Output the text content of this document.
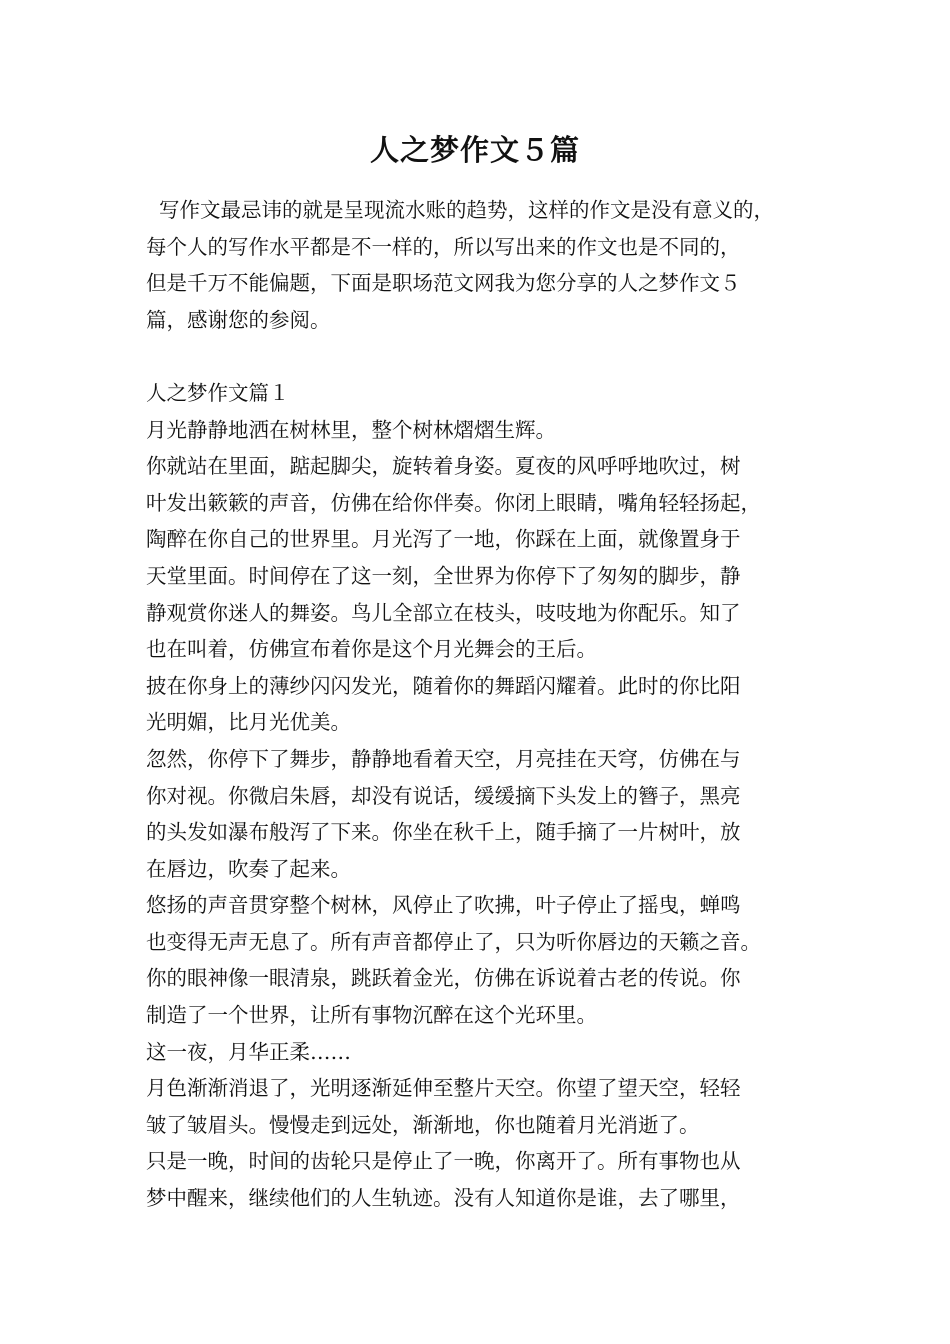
人之梦作文５篇
写作文最忌讳的就是呈现流水账的趋势，这样的作文是没有意义的，
每个人的写作水平都是不一样的，所以写出来的作文也是不同的，
但是千万不能偏题，下面是职场范文网我为您分享的人之梦作文５
篇，感谢您的参阅。
人之梦作文篇１
月光静静地洒在树林里，整个树林熠熠生辉。
你就站在里面，踮起脚尖，旋转着身姿。夏夜的风呼呼地吹过，树
叶发出簌簌的声音，仿佛在给你伴奏。你闭上眼睛，嘴角轻轻扬起，
陶醉在你自己的世界里。月光泻了一地，你踩在上面，就像置身于
天堂里面。时间停在了这一刻，全世界为你停下了匆匆的脚步，静
静观赏你迷人的舞姿。鸟儿全部立在枝头，吱吱地为你配乐。知了
也在叫着，仿佛宣布着你是这个月光舞会的王后。
披在你身上的薄纱闪闪发光，随着你的舞蹈闪耀着。此时的你比阳
光明媚，比月光优美。
忽然，你停下了舞步，静静地看着天空，月亮挂在天穹，仿佛在与
你对视。你微启朱唇，却没有说话，缓缓摘下头发上的簪子，黑亮
的头发如瀑布般泻了下来。你坐在秋千上，随手摘了一片树叶，放
在唇边，吹奏了起来。
悠扬的声音贯穿整个树林，风停止了吹拂，叶子停止了摇曳，蝉鸣
也变得无声无息了。所有声音都停止了，只为听你唇边的天籁之音。
你的眼神像一眼清泉，跳跃着金光，仿佛在诉说着古老的传说。你
制造了一个世界，让所有事物沉醉在这个光环里。
这一夜，月华正柔……
月色渐渐消退了，光明逐渐延伸至整片天空。你望了望天空，轻轻
皱了皱眉头。慢慢走到远处，渐渐地，你也随着月光消逝了。
只是一晚，时间的齿轮只是停止了一晚，你离开了。所有事物也从
梦中醒来，继续他们的人生轨迹。没有人知道你是谁，去了哪里，
